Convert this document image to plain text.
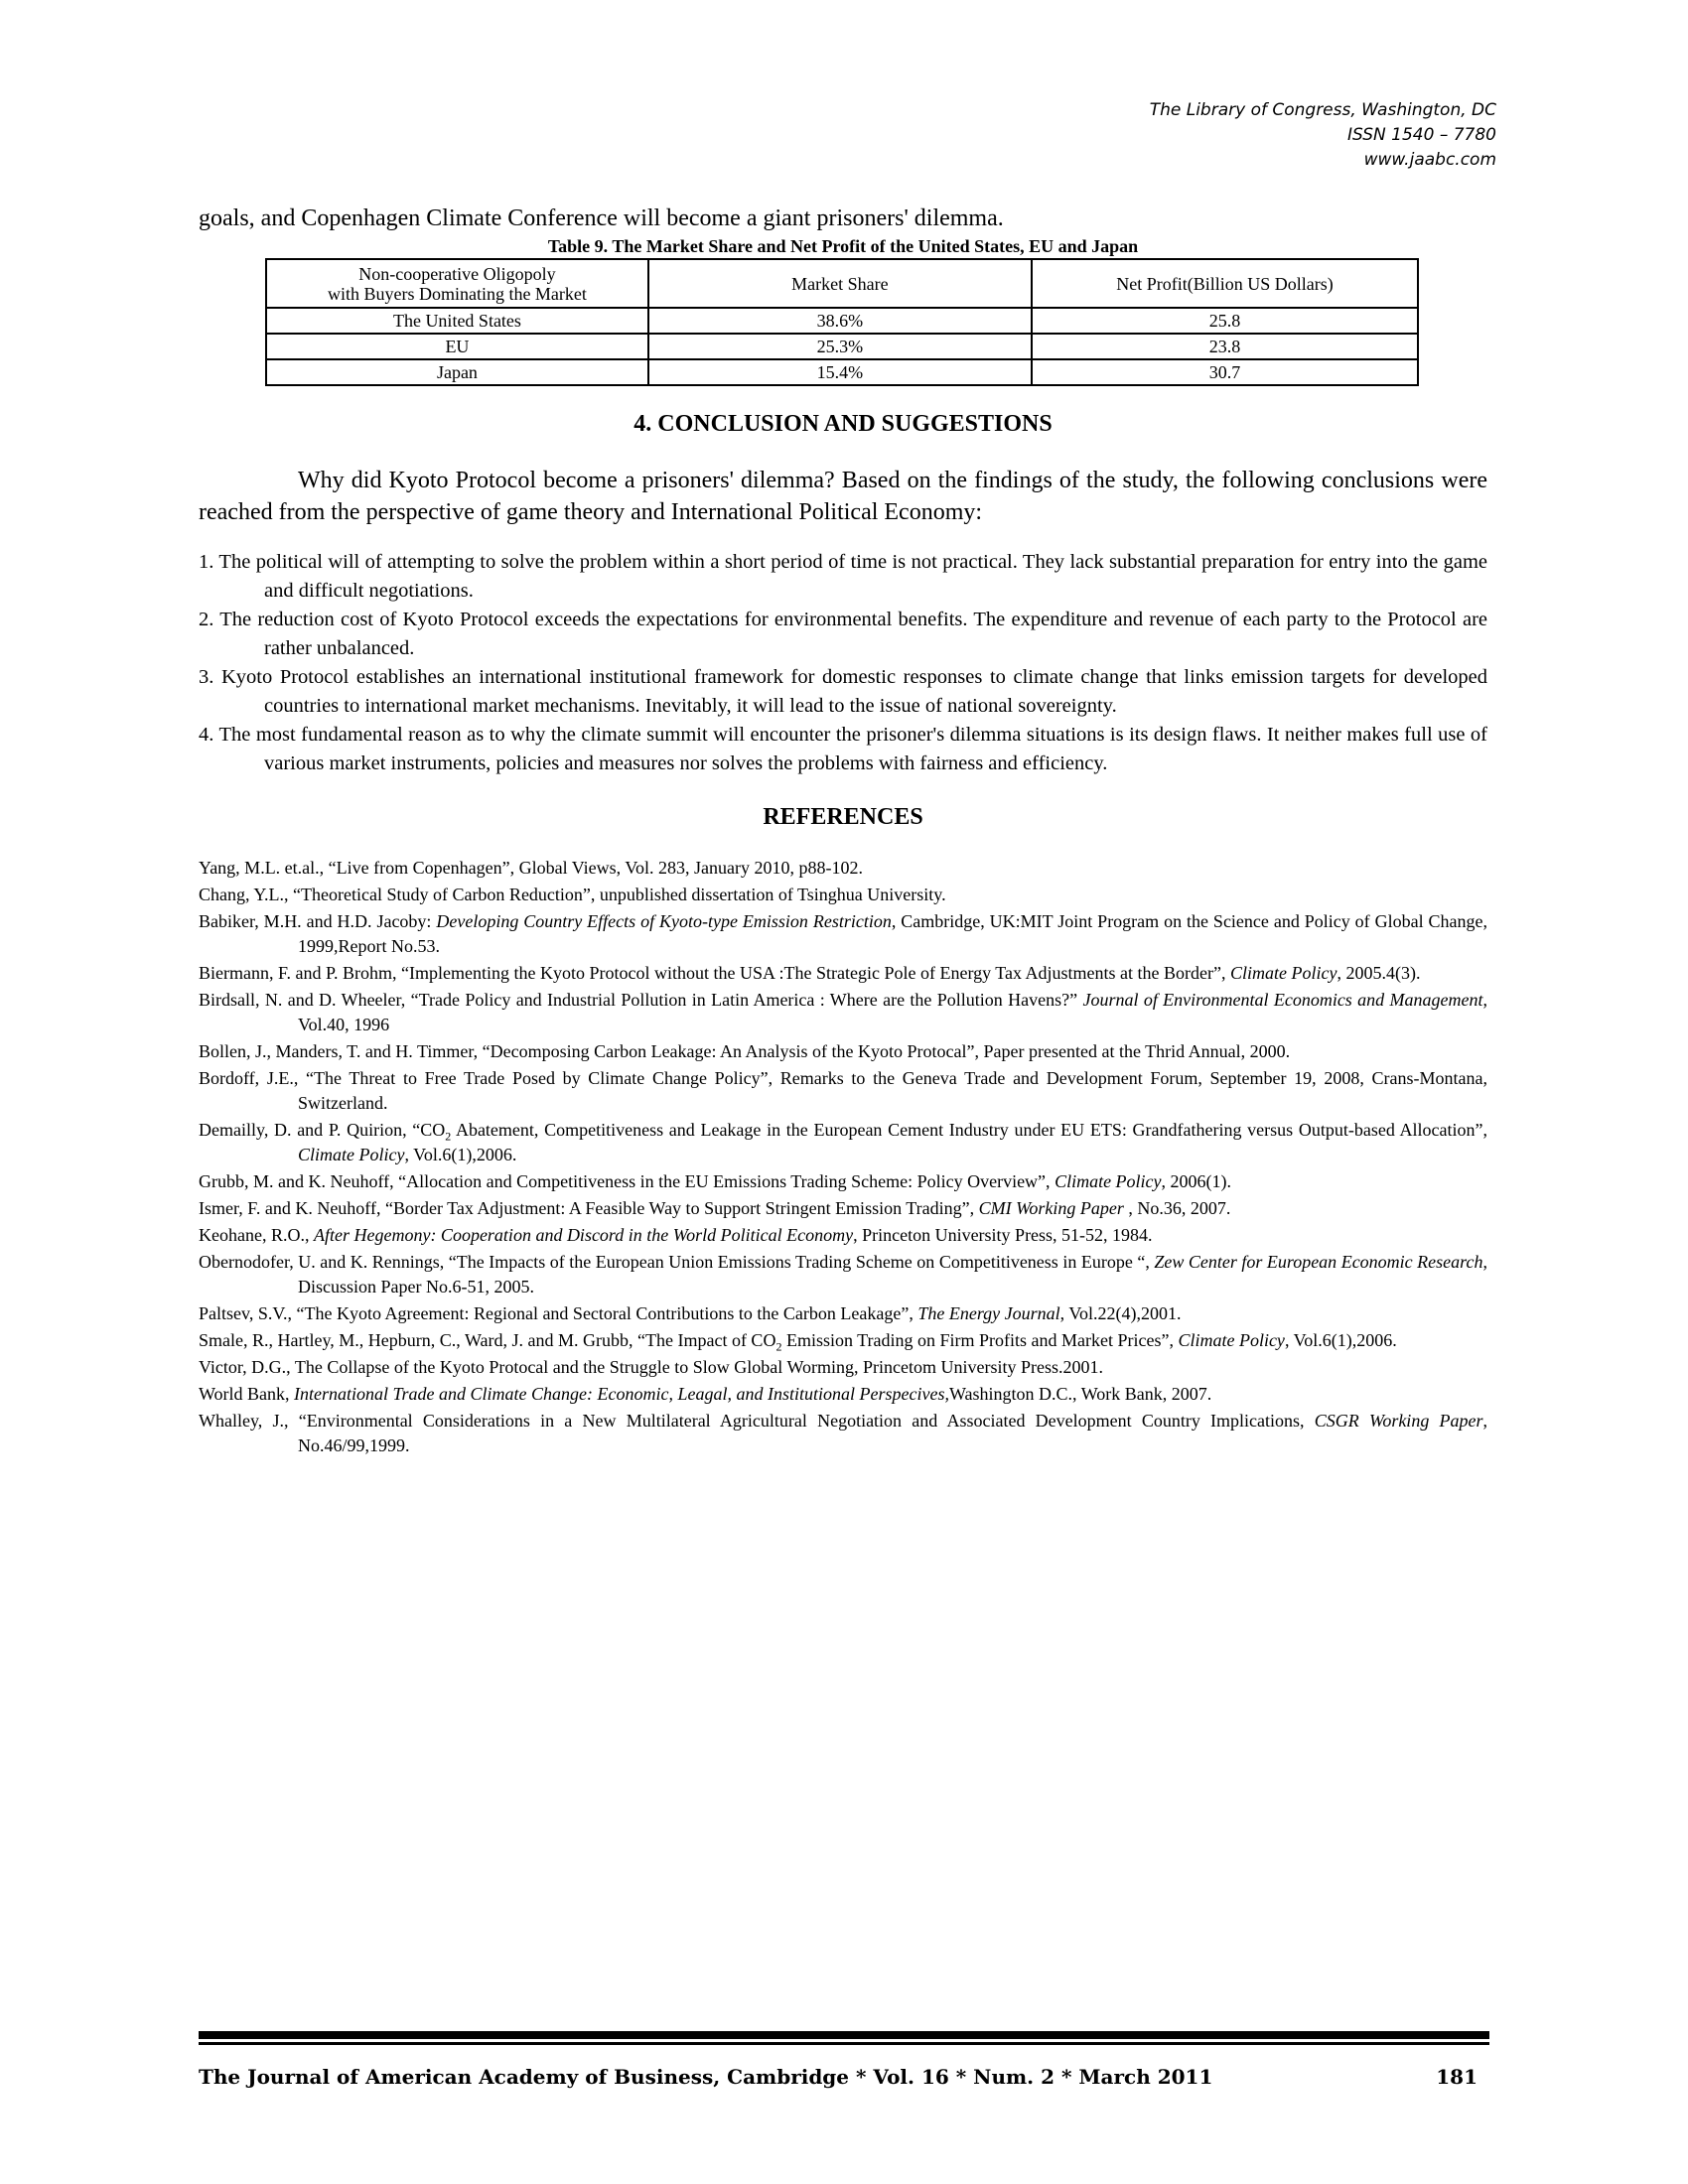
The Library of Congress, Washington, DC
ISSN 1540 – 7780
www.jaabc.com

goals, and Copenhagen Climate Conference will become a giant prisoners' dilemma.

Table 9. The Market Share and Net Profit of the United States, EU and Japan
Non-cooperative Oligopoly
with Buyers Dominating the Market	Market Share	Net Profit(Billion US Dollars)
The United States	38.6%	25.8
EU	25.3%	23.8
Japan	15.4%	30.7
4. CONCLUSION AND SUGGESTIONS

Why did Kyoto Protocol become a prisoners' dilemma? Based on the findings of the study, the following conclusions were reached from the perspective of game theory and International Political Economy:

1. The political will of attempting to solve the problem within a short period of time is not practical. They lack substantial preparation for entry into the game and difficult negotiations.
2. The reduction cost of Kyoto Protocol exceeds the expectations for environmental benefits. The expenditure and revenue of each party to the Protocol are rather unbalanced.
3. Kyoto Protocol establishes an international institutional framework for domestic responses to climate change that links emission targets for developed countries to international market mechanisms. Inevitably, it will lead to the issue of national sovereignty.
4. The most fundamental reason as to why the climate summit will encounter the prisoner's dilemma situations is its design flaws. It neither makes full use of various market instruments, policies and measures nor solves the problems with fairness and efficiency.
REFERENCES
Yang, M.L. et.al., “Live from Copenhagen”, Global Views, Vol. 283, January 2010, p88-102.
Chang, Y.L., “Theoretical Study of Carbon Reduction”, unpublished dissertation of Tsinghua University.
Babiker, M.H. and H.D. Jacoby: Developing Country Effects of Kyoto-type Emission Restriction, Cambridge, UK:MIT Joint Program on the Science and Policy of Global Change, 1999,Report No.53.
Biermann, F. and P. Brohm, “Implementing the Kyoto Protocol without the USA :The Strategic Pole of Energy Tax Adjustments at the Border”, Climate Policy, 2005.4(3).
Birdsall, N. and D. Wheeler, “Trade Policy and Industrial Pollution in Latin America : Where are the Pollution Havens?” Journal of Environmental Economics and Management, Vol.40, 1996
Bollen, J., Manders, T. and H. Timmer, “Decomposing Carbon Leakage: An Analysis of the Kyoto Protocal”, Paper presented at the Thrid Annual, 2000.
Bordoff, J.E., “The Threat to Free Trade Posed by Climate Change Policy”, Remarks to the Geneva Trade and Development Forum, September 19, 2008, Crans-Montana, Switzerland.
Demailly, D. and P. Quirion, “$CO_2$ Abatement, Competitiveness and Leakage in the European Cement Industry under EU ETS: Grandfathering versus Output-based Allocation”, Climate Policy, Vol.6(1),2006.
Grubb, M. and K. Neuhoff, “Allocation and Competitiveness in the EU Emissions Trading Scheme: Policy Overview”, Climate Policy, 2006(1).
Ismer, F. and K. Neuhoff, “Border Tax Adjustment: A Feasible Way to Support Stringent Emission Trading”, CMI Working Paper , No.36, 2007.
Keohane, R.O., After Hegemony: Cooperation and Discord in the World Political Economy, Princeton University Press, 51-52, 1984.
Obernodofer, U. and K. Rennings, “The Impacts of the European Union Emissions Trading Scheme on Competitiveness in Europe “, Zew Center for European Economic Research, Discussion Paper No.6-51, 2005.
Paltsev, S.V., “The Kyoto Agreement: Regional and Sectoral Contributions to the Carbon Leakage”, The Energy Journal, Vol.22(4),2001.
Smale, R., Hartley, M., Hepburn, C., Ward, J. and M. Grubb, “The Impact of $CO_2$ Emission Trading on Firm Profits and Market Prices”, Climate Policy, Vol.6(1),2006.
Victor, D.G., The Collapse of the Kyoto Protocal and the Struggle to Slow Global Worming, Princetom University Press.2001.
World Bank, International Trade and Climate Change: Economic, Leagal, and Institutional Perspecives,Washington D.C., Work Bank, 2007.
Whalley, J., “Environmental Considerations in a New Multilateral Agricultural Negotiation and Associated Development Country Implications, CSGR Working Paper, No.46/99,1999.
The Journal of American Academy of Business, Cambridge * Vol. 16 * Num. 2 * March 2011	181
